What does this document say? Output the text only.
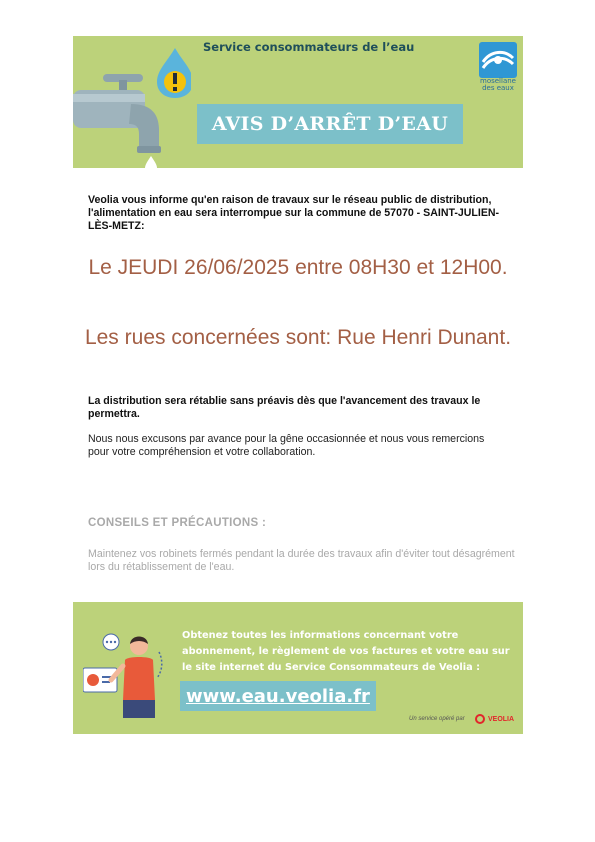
Service consommateurs de l’eau
AVIS D’ARRÊT D’EAU
mosellane
des eaux
Veolia vous informe qu'en raison de travaux sur le réseau public de distribution, l'alimentation en eau sera interrompue sur la commune de 57070 - SAINT-JULIEN-LÈS-METZ:
Le JEUDI 26/06/2025 entre 08H30 et 12H00.
Les rues concernées sont: Rue Henri Dunant.
La distribution sera rétablie sans préavis dès que l'avancement des travaux le permettra.
Nous nous excusons par avance pour la gêne occasionnée et nous vous remercions pour votre compréhension et votre collaboration.
CONSEILS ET PRÉCAUTIONS :
Maintenez vos robinets fermés pendant la durée des travaux afin d'éviter tout désagrément lors du rétablissement de l'eau.
Obtenez toutes les informations concernant votre abonnement, le règlement de vos factures et votre eau sur le site internet du Service Consommateurs de Veolia :
www.eau.veolia.fr
Un service opéré par	VEOLIA
